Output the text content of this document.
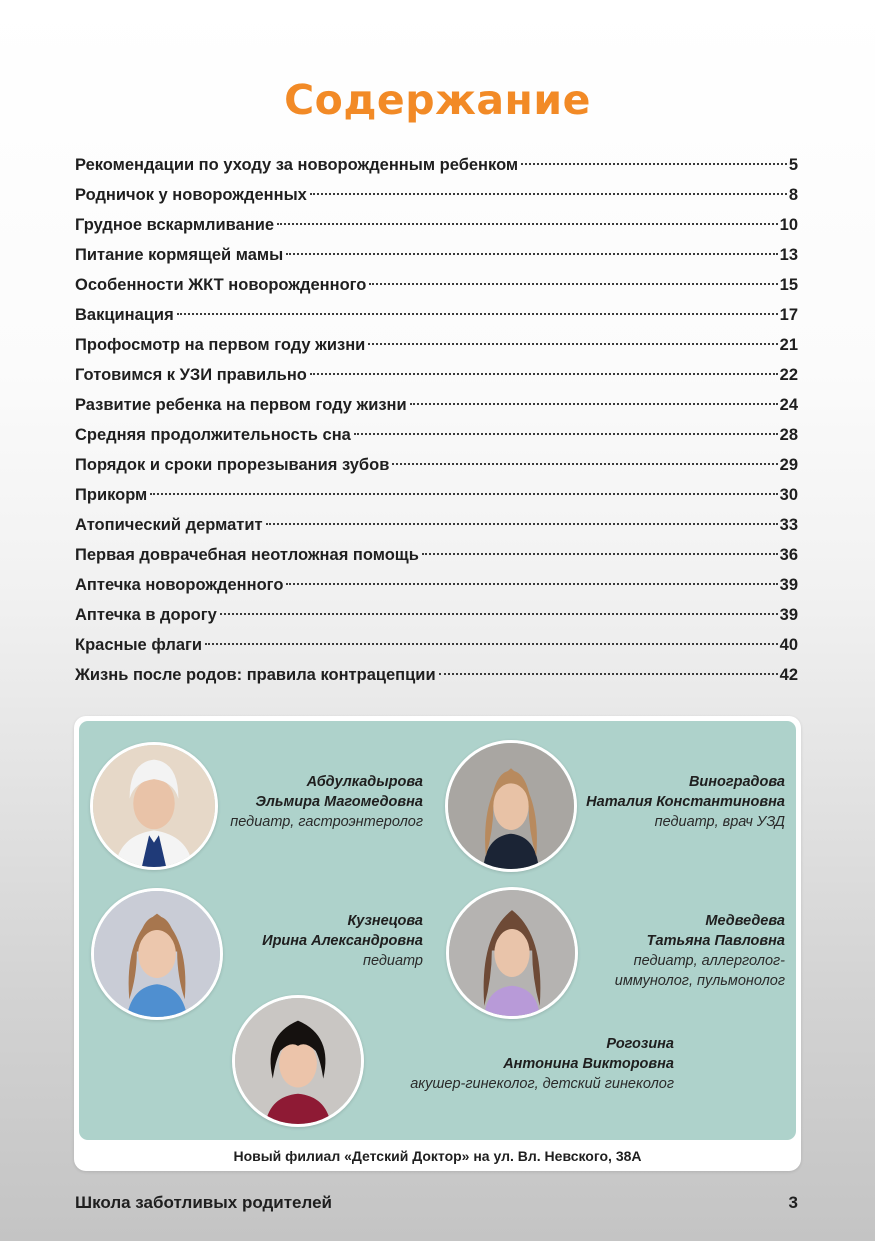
Содержание
Рекомендации по уходу за новорожденным ребенком	5
Родничок у новорожденных	8
Грудное вскармливание	10
Питание кормящей мамы	13
Особенности ЖКТ новорожденного	15
Вакцинация	17
Профосмотр на первом году жизни	21
Готовимся к УЗИ правильно	22
Развитие ребенка на первом году жизни	24
Средняя продолжительность сна	28
Порядок и сроки прорезывания зубов	29
Прикорм	30
Атопический дерматит	33
Первая доврачебная неотложная помощь	36
Аптечка новорожденного	39
Аптечка в дорогу	39
Красные флаги	40
Жизнь после родов: правила контрацепции	42
Абдулкадырова
Эльмира Магомедовна
педиатр, гастроэнтеролог
Виноградова
Наталия Константиновна
педиатр, врач УЗД
Кузнецова
Ирина Александровна
педиатр
Медведева
Татьяна Павловна
педиатр, аллерголог-
иммунолог, пульмонолог
Рогозина
Антонина Викторовна
акушер-гинеколог, детский гинеколог
Новый филиал «Детский Доктор» на ул. Вл. Невского, 38А
Школа заботливых родителей	3
